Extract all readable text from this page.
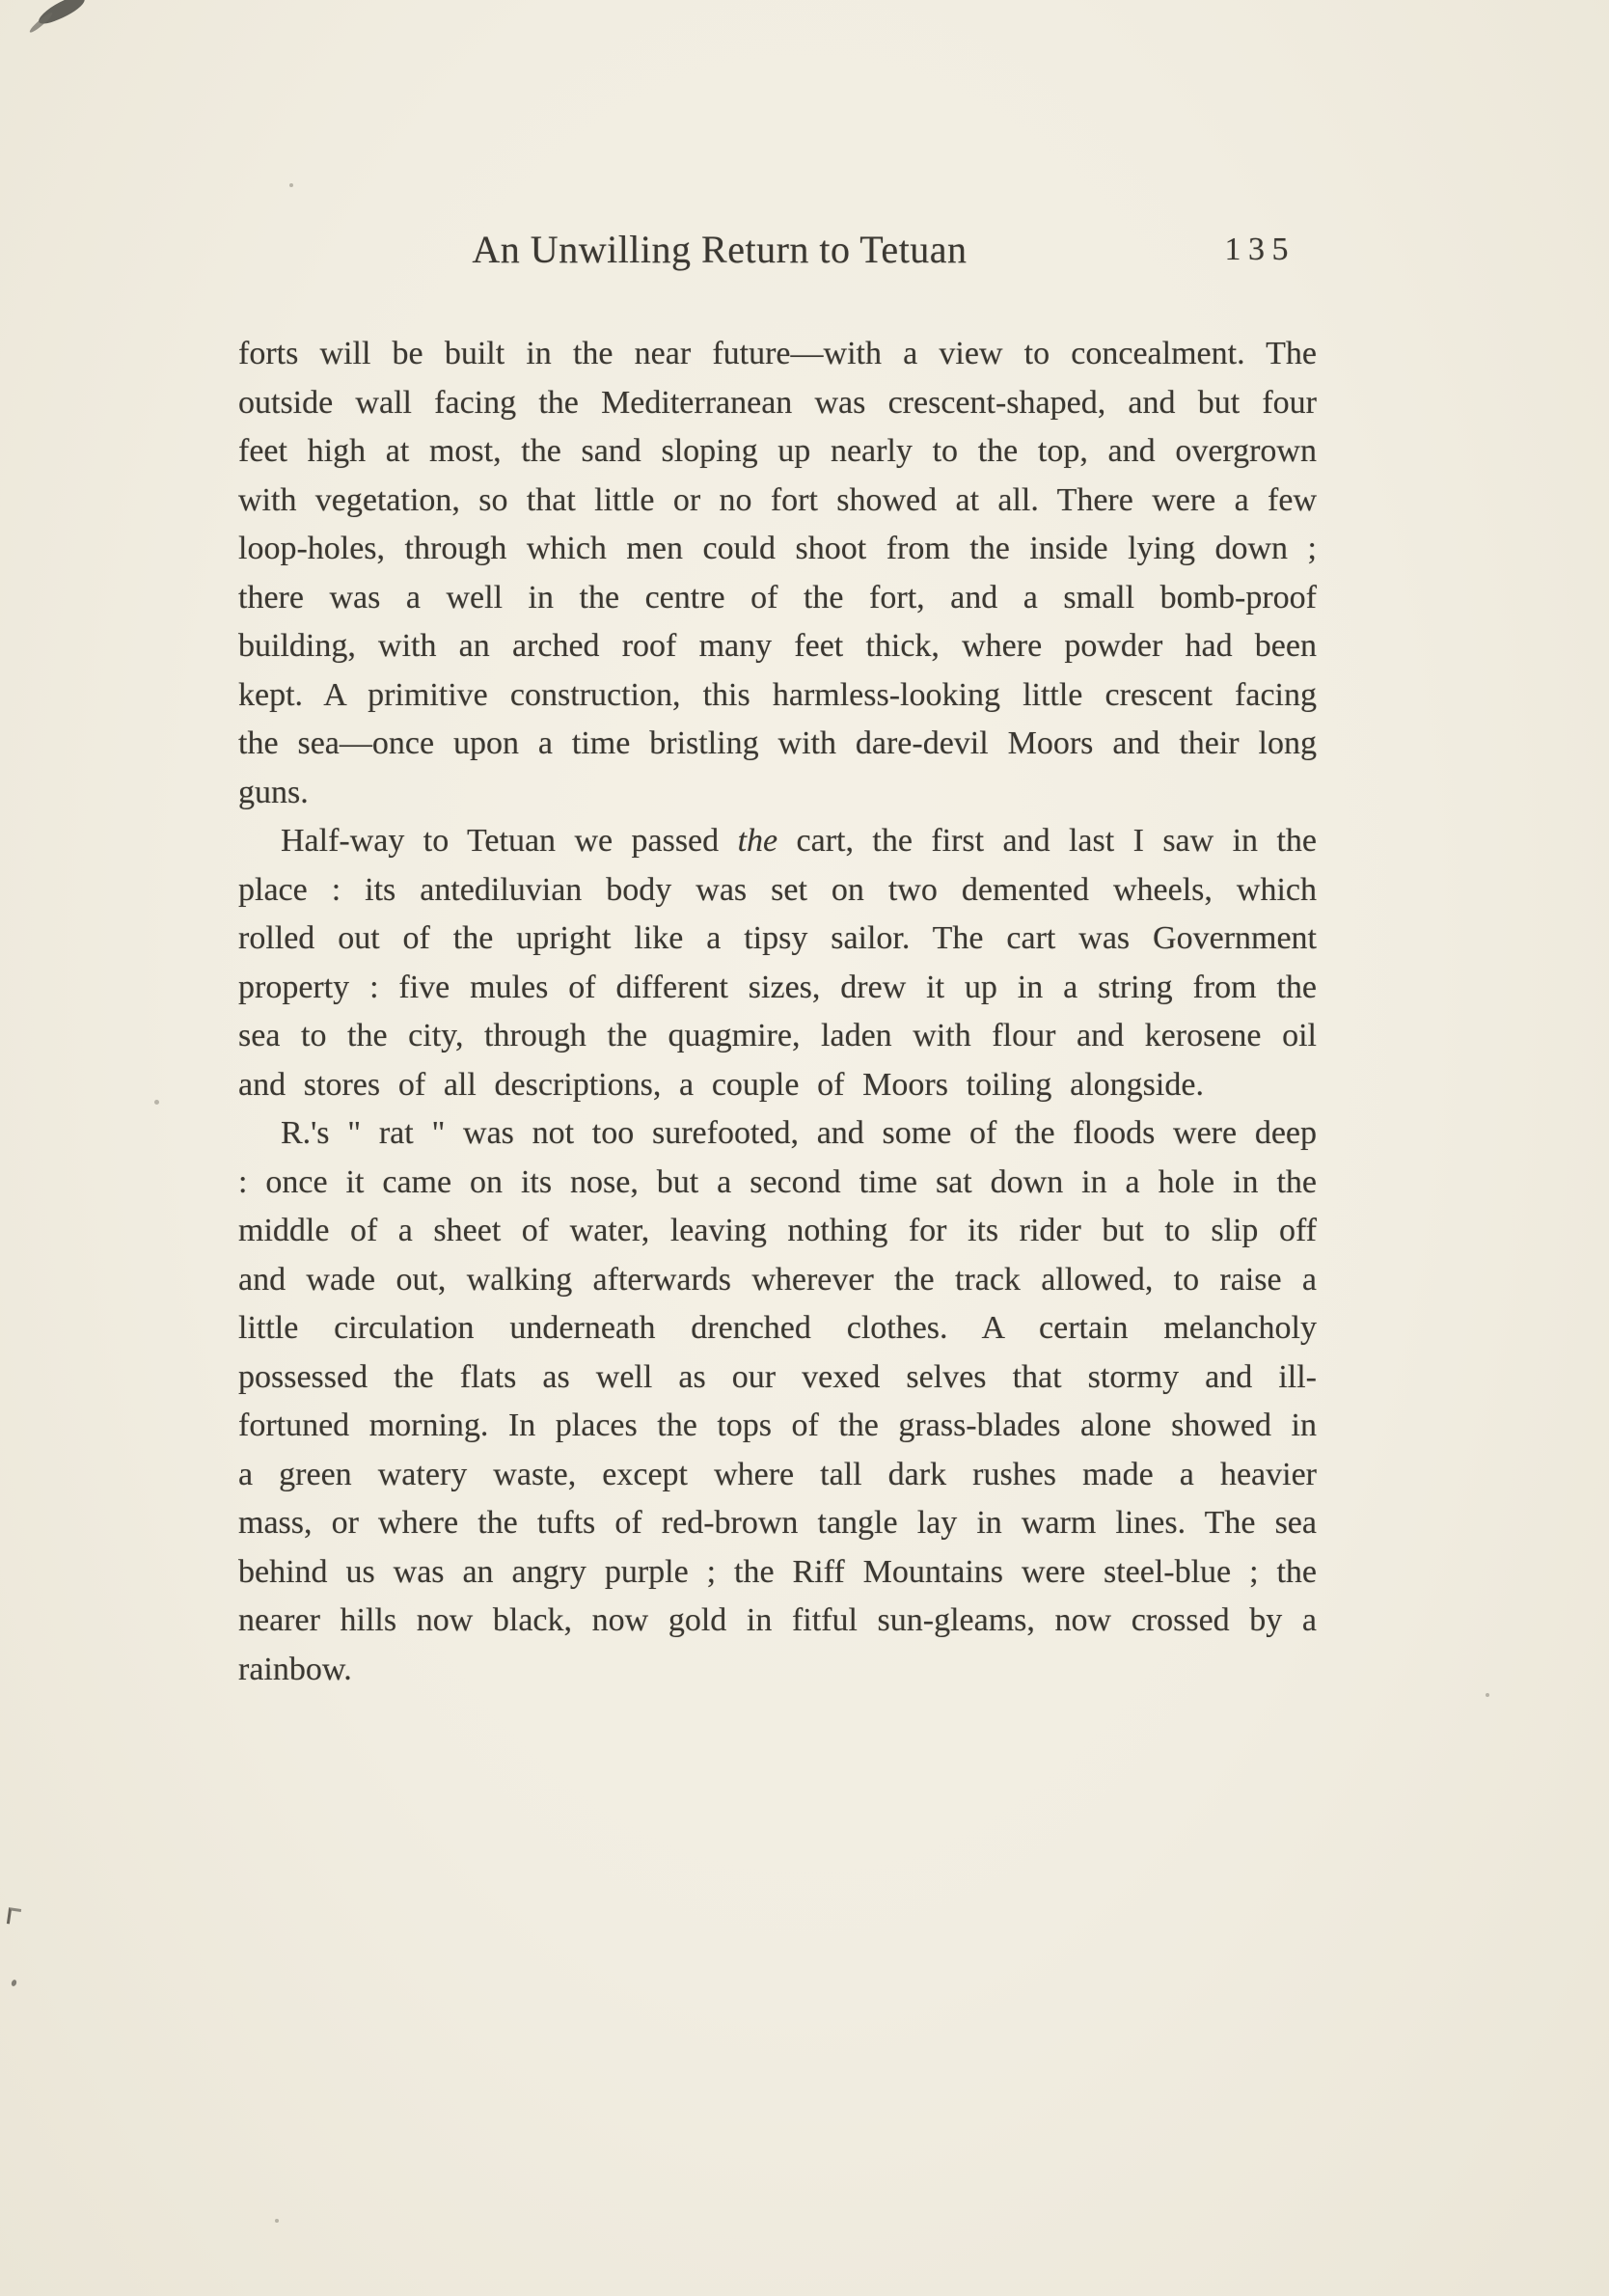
An Unwilling Return to Tetuan	135

forts will be built in the near future—with a view to concealment. The outside wall facing the Mediterranean was crescent-shaped, and but four feet high at most, the sand sloping up nearly to the top, and overgrown with vegetation, so that little or no fort showed at all. There were a few loop-holes, through which men could shoot from the inside lying down ; there was a well in the centre of the fort, and a small bomb-proof building, with an arched roof many feet thick, where powder had been kept. A primitive construction, this harmless-looking little crescent facing the sea—once upon a time bristling with dare-devil Moors and their long guns.

Half-way to Tetuan we passed the cart, the first and last I saw in the place : its antediluvian body was set on two demented wheels, which rolled out of the upright like a tipsy sailor. The cart was Government property : five mules of different sizes, drew it up in a string from the sea to the city, through the quagmire, laden with flour and kerosene oil and stores of all descriptions, a couple of Moors toiling alongside.

R.'s " rat " was not too surefooted, and some of the floods were deep : once it came on its nose, but a second time sat down in a hole in the middle of a sheet of water, leaving nothing for its rider but to slip off and wade out, walking afterwards wherever the track allowed, to raise a little circulation underneath drenched clothes. A certain melancholy possessed the flats as well as our vexed selves that stormy and ill-fortuned morning. In places the tops of the grass-blades alone showed in a green watery waste, except where tall dark rushes made a heavier mass, or where the tufts of red-brown tangle lay in warm lines. The sea behind us was an angry purple ; the Riff Mountains were steel-blue ; the nearer hills now black, now gold in fitful sun-gleams, now crossed by a rainbow.
